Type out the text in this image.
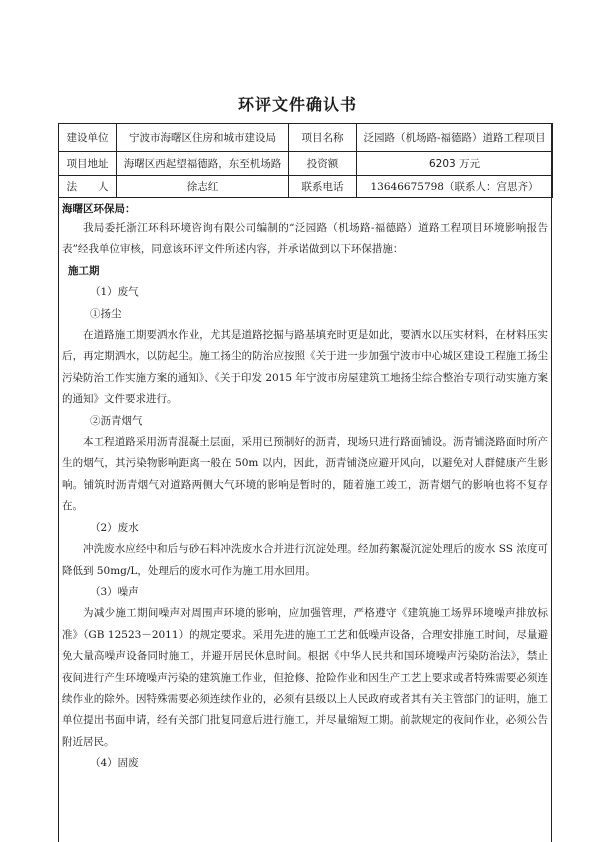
环评文件确认书
建设单位	宁波市海曙区住房和城市建设局	项目名称	泛园路（机场路-福德路）道路工程项目
项目地址	海曙区西起望福德路，东至机场路	投资额	6203 万元
法　　人	徐志红	联系电话	13646675798（联系人：宫思齐）
海曙区环保局：

我局委托浙江环科环境咨询有限公司编制的“泛园路（机场路-福德路）道路工程项目环境影响报告表”经我单位审核，同意该环评文件所述内容，并承诺做到以下环保措施：

施工期

（1）废气

①扬尘

在道路施工期要洒水作业，尤其是道路挖掘与路基填充时更是如此，要洒水以压实材料，在材料压实后，再定期洒水，以防起尘。施工扬尘的防治应按照《关于进一步加强宁波市中心城区建设工程施工扬尘污染防治工作实施方案的通知》、《关于印发 2015 年宁波市房屋建筑工地扬尘综合整治专项行动实施方案的通知》文件要求进行。

②沥青烟气

本工程道路采用沥青混凝土层面，采用已预制好的沥青，现场只进行路面铺设。沥青铺浇路面时所产生的烟气，其污染物影响距离一般在 50m 以内，因此，沥青铺浇应避开风向，以避免对人群健康产生影响。铺筑时沥青烟气对道路两侧大气环境的影响是暂时的，随着施工竣工，沥青烟气的影响也将不复存在。

（2）废水

冲洗废水应经中和后与砂石料冲洗废水合并进行沉淀处理。经加药絮凝沉淀处理后的废水 SS 浓度可降低到 50mg/L，处理后的废水可作为施工用水回用。

（3）噪声

为减少施工期间噪声对周围声环境的影响，应加强管理，严格遵守《建筑施工场界环境噪声排放标准》（GB 12523－2011）的规定要求。采用先进的施工工艺和低噪声设备，合理安排施工时间，尽量避免大量高噪声设备同时施工，并避开居民休息时间。根据《中华人民共和国环境噪声污染防治法》，禁止夜间进行产生环境噪声污染的建筑施工作业，但抢修、抢险作业和因生产工艺上要求或者特殊需要必须连续作业的除外。因特殊需要必须连续作业的，必须有县级以上人民政府或者其有关主管部门的证明，施工单位提出书面申请，经有关部门批复同意后进行施工，并尽量缩短工期。前款规定的夜间作业，必须公告附近居民。

（4）固废
